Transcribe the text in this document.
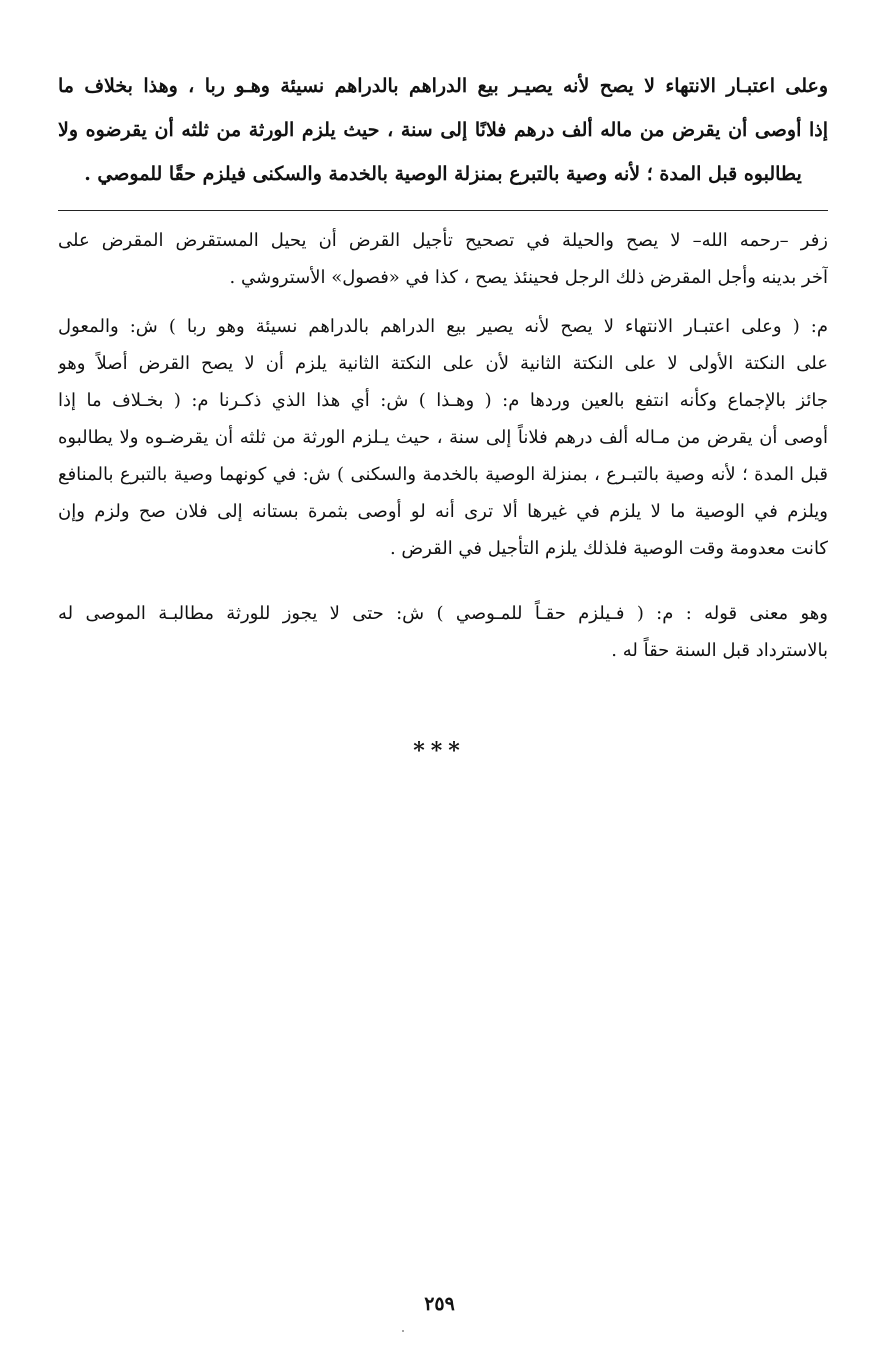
وعلى اعتبـار الانتهاء لا يصح لأنه يصيـر بيع الدراهم بالدراهم نسيئة وهـو ربا ، وهذا بخلاف ما
إذا أوصى أن يقرض من ماله ألف درهم فلانًا إلى سنة ، حيث يلزم الورثة من ثلثه أن يقرضوه ولا
يطالبوه قبل المدة ؛ لأنه وصية بالتبرع بمنزلة الوصية بالخدمة والسكنى فيلزم حقًا للموصي .
زفر –رحمه الله– لا يصح والحيلة في تصحيح تأجيل القرض أن يحيل المستقرض المقرض على
آخر بدينه وأجل المقرض ذلك الرجل فحينئذ يصح ، كذا في «فصول» الأستروشي .
م: ( وعلى اعتبـار الانتهاء لا يصح لأنه يصير بيع الدراهم بالدراهم نسيئة وهو ربا ) ش: والمعول
على النكتة الأولى لا على النكتة الثانية لأن على النكتة الثانية يلزم أن لا يصح القرض أصلاً وهو
جائز بالإجماع وكأنه انتفع بالعين وردها م: ( وهـذا ) ش: أي هذا الذي ذكـرنا م: ( بخـلاف ما إذا
أوصى أن يقرض من مـاله ألف درهم فلاناً إلى سنة ، حيث يـلزم الورثة من ثلثه أن يقرضـوه ولا يطالبوه
قبل المدة ؛ لأنه وصية بالتبـرع ، بمنزلة الوصية بالخدمة والسكنى ) ش: في كونهما وصية بالتبرع بالمنافع
ويلزم في الوصية ما لا يلزم في غيرها ألا ترى أنه لو أوصى بثمرة بستانه إلى فلان صح ولزم وإن
كانت معدومة وقت الوصية فلذلك يلزم التأجيل في القرض .
وهو معنى قوله : م: ( فـيلزم حقـاً للمـوصي ) ش: حتى لا يجوز للورثة مطالبـة الموصى له
بالاسترداد قبل السنة حقاً له .
***
٢٥٩
